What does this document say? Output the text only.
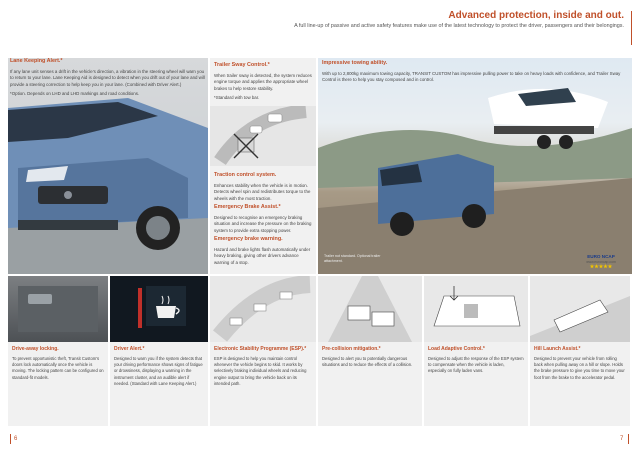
Advanced protection, inside and out.
A full line-up of passive and active safety features make use of the latest technology to protect the driver, passengers and their belongings.
Lane Keeping Alert.*
If any lane unit senses a drift in the vehicle's direction, a vibration in the steering wheel will warn you to return to your lane. Lane Keeping Aid is designed to detect when you drift out of your lane and will provide a steering correction to help keep you in your lane. (Combined with Driver Alert.)
*Option. Depends on LHD and LHD markings and road conditions.
Trailer Sway Control.*
When trailer sway is detected, the system reduces engine torque and applies the appropriate wheel brakes to help restore stability.
*Standard with tow bar.
Traction control system.
Enhances stability when the vehicle is in motion. Detects wheel spin and redistributes torque to the wheels with the most traction.
Emergency Brake Assist.*
Designed to recognise an emergency braking situation and increase the pressure on the braking system to provide extra stopping power.
Emergency brake warning.
Hazard and brake lights flash automatically under heavy braking, giving other drivers advance warning of a stop.
Impressive towing ability.
With up to 2,800kg maximum towing capacity, TRANSIT CUSTOM has impressive pulling power to take on heavy loads with confidence, and Trailer Sway Control is there to help you stay composed and in control.
Trailer not standard. Optional trailer attachment.
EURO NCAP
www.euroncap.com
★★★★★
Drive-away locking.
To prevent opportunistic theft, Transit Custom's doors lock automatically once the vehicle is moving. The locking pattern can be configured on standard-fit models.
Driver Alert.*
Designed to warn you if the system detects that your driving performance shows signs of fatigue or drowsiness, displaying a warning in the instrument cluster, and an audible alert if needed. (Standard with Lane Keeping Alert.)
Electronic Stability Programme (ESP).*
ESP is designed to help you maintain control whenever the vehicle begins to skid. It works by selectively braking individual wheels and reducing engine output to bring the vehicle back on its intended path.
Pre-collision mitigation.*
Designed to alert you to potentially dangerous situations and to reduce the effects of a collision.
Load Adaptive Control.*
Designed to adjust the response of the ESP system to compensate when the vehicle is laden, especially on fully laden vans.
Hill Launch Assist.*
Designed to prevent your vehicle from rolling back when pulling away on a hill or slope. Holds the brake pressure to give you time to move your foot from the brake to the accelerator pedal.
6	7
